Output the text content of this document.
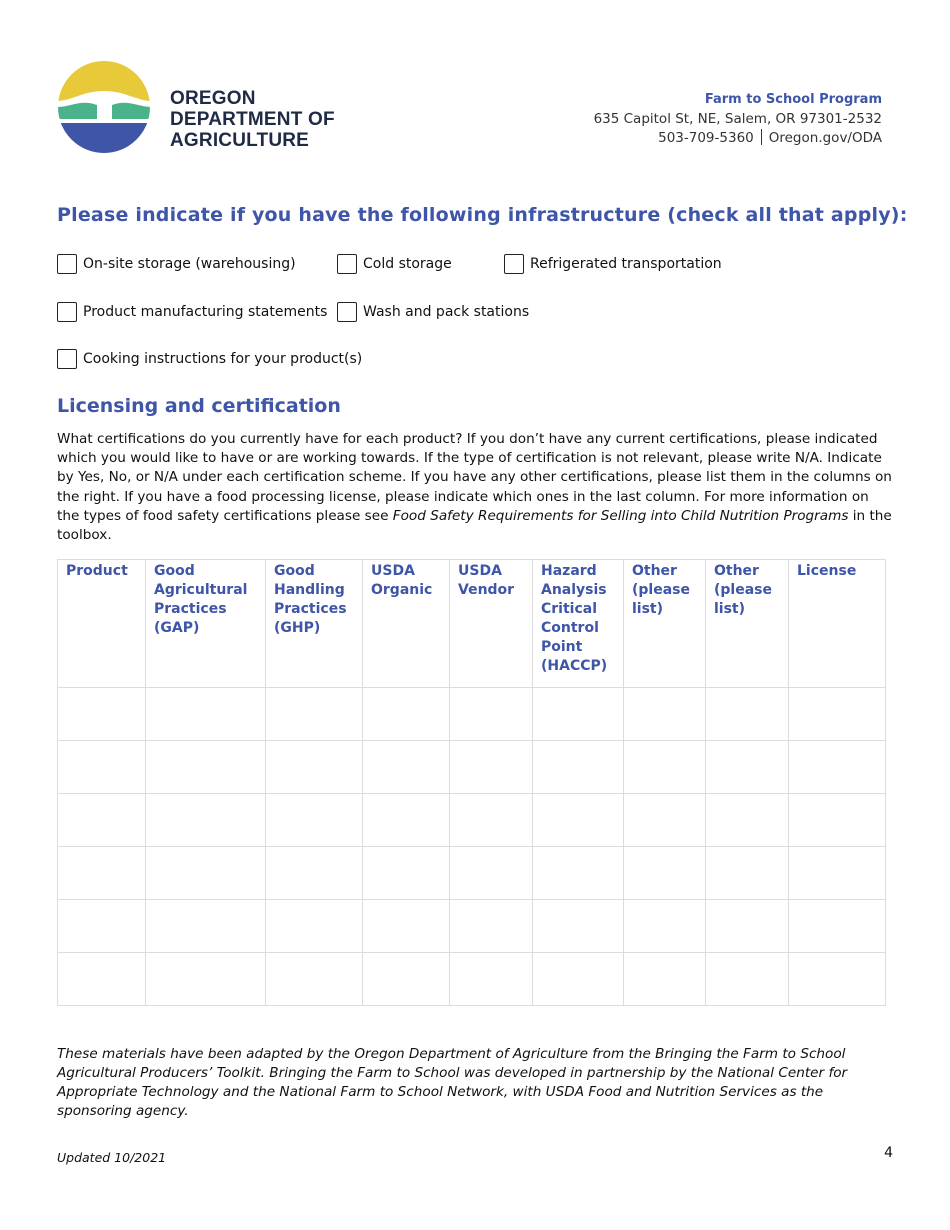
OREGON
DEPARTMENT OF
AGRICULTURE
Farm to School Program
635 Capitol St, NE, Salem, OR 97301-2532
503-709-5360 Oregon.gov/ODA
Please indicate if you have the following infrastructure (check all that apply):
On-site storage (warehousing)	Cold storage	Refrigerated transportation
Product manufacturing statements	Wash and pack stations
Cooking instructions for your product(s)
Licensing and certification

What certifications do you currently have for each product? If you don’t have any current certifications, please indicated which you would like to have or are working towards. If the type of certification is not relevant, please write N/A. Indicate by Yes, No, or N/A under each certification scheme. If you have any other certifications, please list them in the columns on the right. If you have a food processing license, please indicate which ones in the last column. For more information on the types of food safety certifications please see Food Safety Requirements for Selling into Child Nutrition Programs in the toolbox.

Product	Good Agricultural Practices (GAP)	Good Handling Practices (GHP)	USDA Organic	USDA Vendor	Hazard Analysis Critical Control Point (HACCP)	Other (please list)	Other (please list)	License

These materials have been adapted by the Oregon Department of Agriculture from the Bringing the Farm to School Agricultural Producers’ Toolkit. Bringing the Farm to School was developed in partnership by the National Center for Appropriate Technology and the National Farm to School Network, with USDA Food and Nutrition Services as the sponsoring agency.

Updated 10/2021	4
